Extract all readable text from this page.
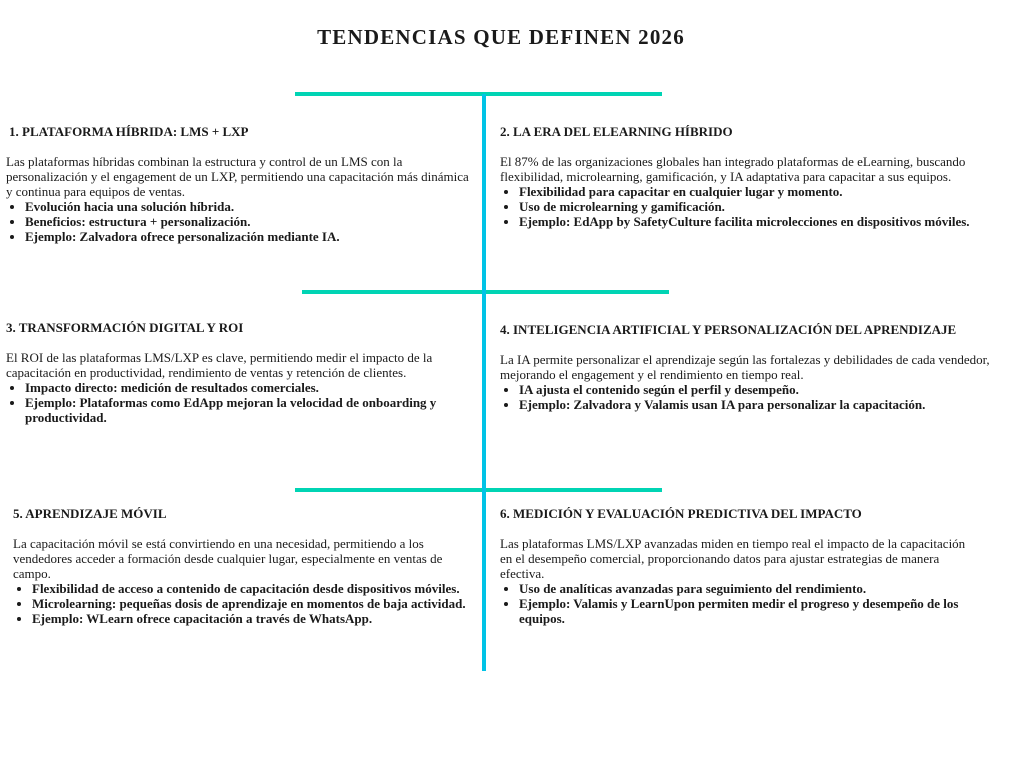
TENDENCIAS QUE DEFINEN 2026
1. PLATAFORMA HÍBRIDA: LMS + LXP

Las plataformas híbridas combinan la estructura y control de un LMS con la personalización y el engagement de un LXP, permitiendo una capacitación más dinámica y continua para equipos de ventas.

• Evolución hacia una solución híbrida.
• Beneficios: estructura + personalización.
• Ejemplo: Zalvadora ofrece personalización mediante IA.
2. LA ERA DEL ELEARNING HÍBRIDO

El 87% de las organizaciones globales han integrado plataformas de eLearning, buscando flexibilidad, microlearning, gamificación, y IA adaptativa para capacitar a sus equipos.

• Flexibilidad para capacitar en cualquier lugar y momento.
• Uso de microlearning y gamificación.
• Ejemplo: EdApp by SafetyCulture facilita microlecciones en dispositivos móviles.
3. TRANSFORMACIÓN DIGITAL Y ROI

El ROI de las plataformas LMS/LXP es clave, permitiendo medir el impacto de la capacitación en productividad, rendimiento de ventas y retención de clientes.

• Impacto directo: medición de resultados comerciales.
• Ejemplo: Plataformas como EdApp mejoran la velocidad de onboarding y productividad.
4. INTELIGENCIA ARTIFICIAL Y PERSONALIZACIÓN DEL APRENDIZAJE

La IA permite personalizar el aprendizaje según las fortalezas y debilidades de cada vendedor, mejorando el engagement y el rendimiento en tiempo real.

• IA ajusta el contenido según el perfil y desempeño.
• Ejemplo: Zalvadora y Valamis usan IA para personalizar la capacitación.
5. APRENDIZAJE MÓVIL

La capacitación móvil se está convirtiendo en una necesidad, permitiendo a los vendedores acceder a formación desde cualquier lugar, especialmente en ventas de campo.

• Flexibilidad de acceso a contenido de capacitación desde dispositivos móviles.
• Microlearning: pequeñas dosis de aprendizaje en momentos de baja actividad.
• Ejemplo: WLearn ofrece capacitación a través de WhatsApp.
6. MEDICIÓN Y EVALUACIÓN PREDICTIVA DEL IMPACTO

Las plataformas LMS/LXP avanzadas miden en tiempo real el impacto de la capacitación en el desempeño comercial, proporcionando datos para ajustar estrategias de manera efectiva.

• Uso de analíticas avanzadas para seguimiento del rendimiento.
• Ejemplo: Valamis y LearnUpon permiten medir el progreso y desempeño de los equipos.
